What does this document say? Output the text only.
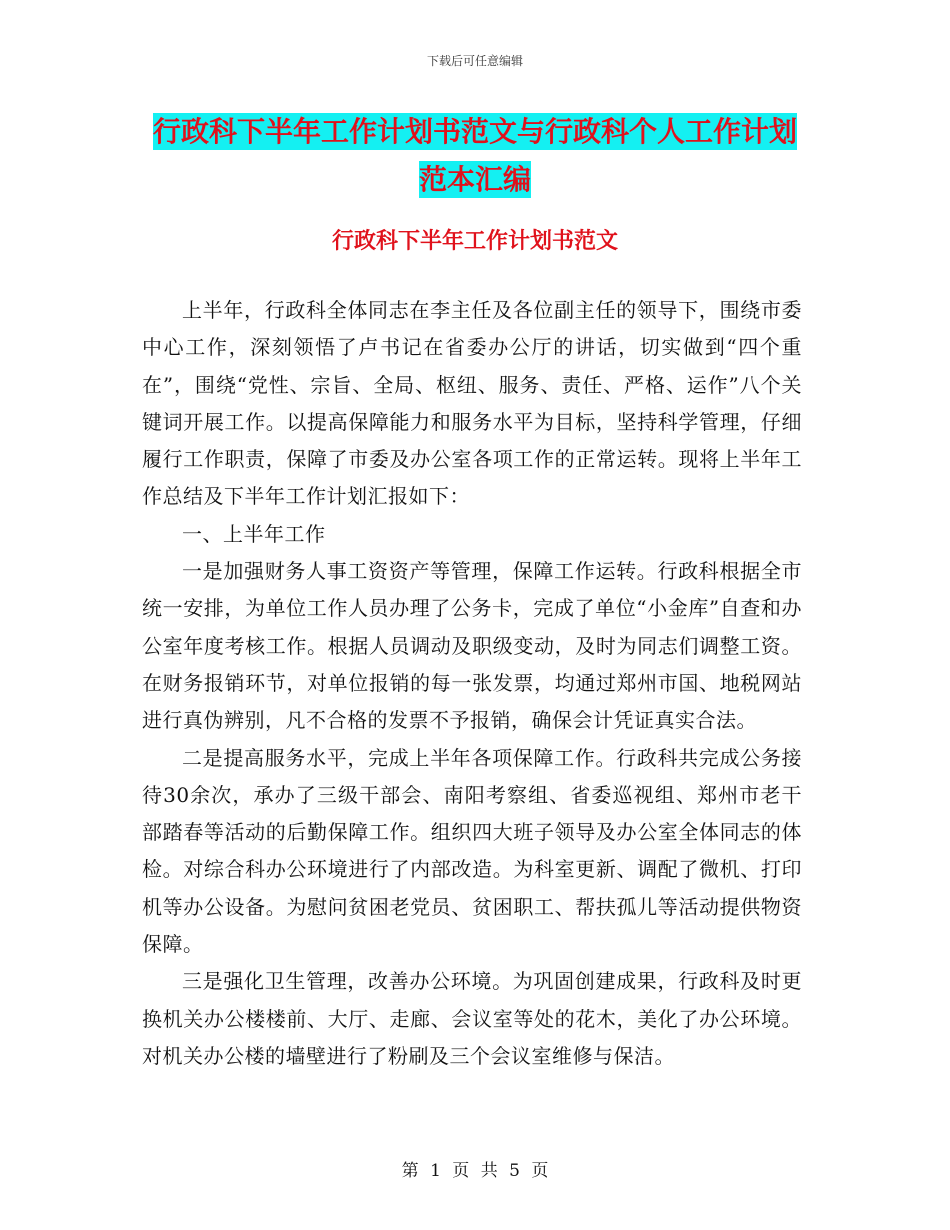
下载后可任意编辑
行政科下半年工作计划书范文与行政科个人工作计划
范本汇编
行政科下半年工作计划书范文

上半年，行政科全体同志在李主任及各位副主任的领导下，围绕市委中心工作，深刻领悟了卢书记在省委办公厅的讲话，切实做到“四个重在”，围绕“党性、宗旨、全局、枢纽、服务、责任、严格、运作”八个关键词开展工作。以提高保障能力和服务水平为目标，坚持科学管理，仔细履行工作职责，保障了市委及办公室各项工作的正常运转。现将上半年工作总结及下半年工作计划汇报如下：

一、上半年工作

一是加强财务人事工资资产等管理，保障工作运转。行政科根据全市统一安排，为单位工作人员办理了公务卡，完成了单位“小金库”自查和办公室年度考核工作。根据人员调动及职级变动，及时为同志们调整工资。在财务报销环节，对单位报销的每一张发票，均通过郑州市国、地税网站进行真伪辨别，凡不合格的发票不予报销，确保会计凭证真实合法。

二是提高服务水平，完成上半年各项保障工作。行政科共完成公务接待30余次，承办了三级干部会、南阳考察组、省委巡视组、郑州市老干部踏春等活动的后勤保障工作。组织四大班子领导及办公室全体同志的体检。对综合科办公环境进行了内部改造。为科室更新、调配了微机、打印机等办公设备。为慰问贫困老党员、贫困职工、帮扶孤儿等活动提供物资保障。

三是强化卫生管理，改善办公环境。为巩固创建成果，行政科及时更换机关办公楼楼前、大厅、走廊、会议室等处的花木，美化了办公环境。对机关办公楼的墙壁进行了粉刷及三个会议室维修与保洁。

第 1 页 共 5 页
